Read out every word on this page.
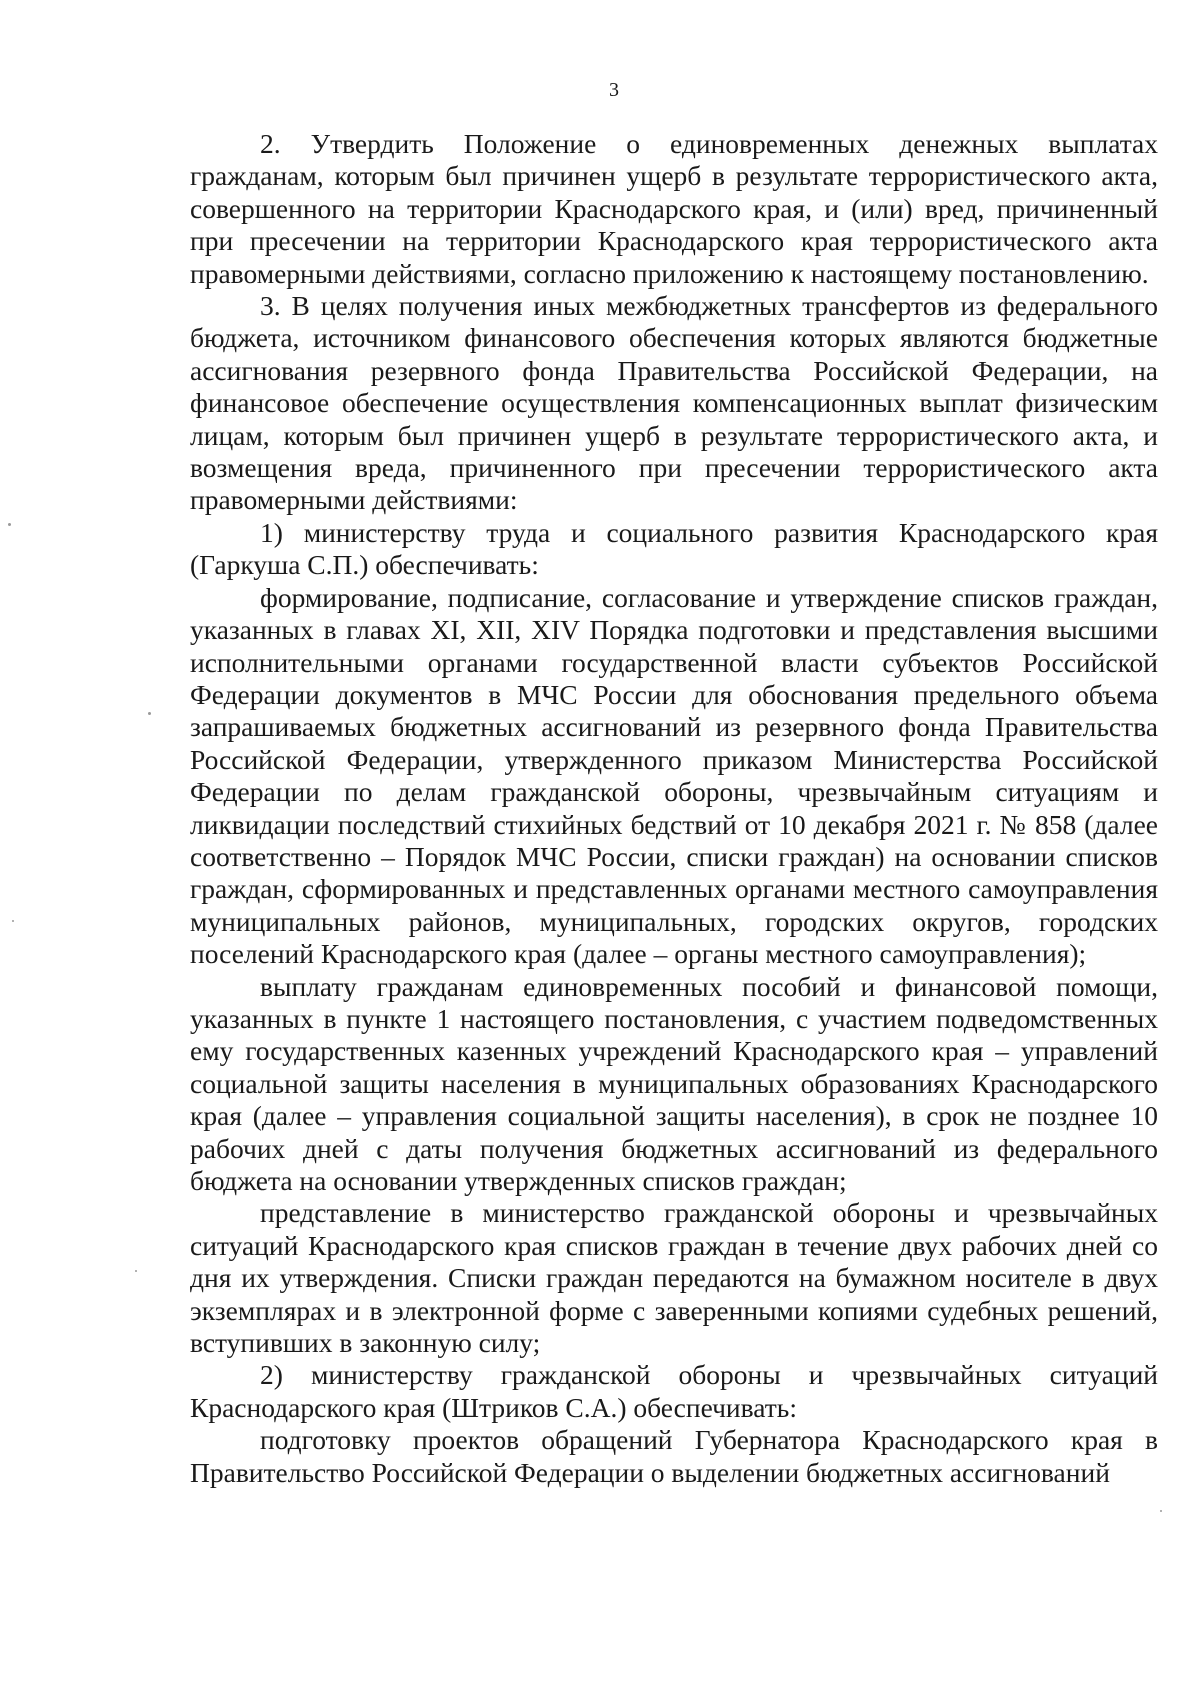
3

2. Утвердить Положение о единовременных денежных выплатах гражданам, которым был причинен ущерб в результате террористического акта, совершенного на территории Краснодарского края, и (или) вред, причиненный при пресечении на территории Краснодарского края террористического акта правомерными действиями, согласно приложению к настоящему постановлению.

3. В целях получения иных межбюджетных трансфертов из федерального бюджета, источником финансового обеспечения которых являются бюджетные ассигнования резервного фонда Правительства Российской Федерации, на финансовое обеспечение осуществления компенсационных выплат физическим лицам, которым был причинен ущерб в результате террористического акта, и возмещения вреда, причиненного при пресечении террористического акта правомерными действиями:

1) министерству труда и социального развития Краснодарского края (Гаркуша С.П.) обеспечивать:

формирование, подписание, согласование и утверждение списков граждан, указанных в главах XI, XII, XIV Порядка подготовки и представления высшими исполнительными органами государственной власти субъектов Российской Федерации документов в МЧС России для обоснования предельного объема запрашиваемых бюджетных ассигнований из резервного фонда Правительства Российской Федерации, утвержденного приказом Министерства Российской Федерации по делам гражданской обороны, чрезвычайным ситуациям и ликвидации последствий стихийных бедствий от 10 декабря 2021 г. № 858 (далее соответственно – Порядок МЧС России, списки граждан) на основании списков граждан, сформированных и представленных органами местного самоуправления муниципальных районов, муниципальных, городских округов, городских поселений Краснодарского края (далее – органы местного самоуправления);

выплату гражданам единовременных пособий и финансовой помощи, указанных в пункте 1 настоящего постановления, с участием подведомственных ему государственных казенных учреждений Краснодарского края – управлений социальной защиты населения в муниципальных образованиях Краснодарского края (далее – управления социальной защиты населения), в срок не позднее 10 рабочих дней с даты получения бюджетных ассигнований из федерального бюджета на основании утвержденных списков граждан;

представление в министерство гражданской обороны и чрезвычайных ситуаций Краснодарского края списков граждан в течение двух рабочих дней со дня их утверждения. Списки граждан передаются на бумажном носителе в двух экземплярах и в электронной форме с заверенными копиями судебных решений, вступивших в законную силу;

2) министерству гражданской обороны и чрезвычайных ситуаций Краснодарского края (Штриков С.А.) обеспечивать:

подготовку проектов обращений Губернатора Краснодарского края в Правительство Российской Федерации о выделении бюджетных ассигнований
